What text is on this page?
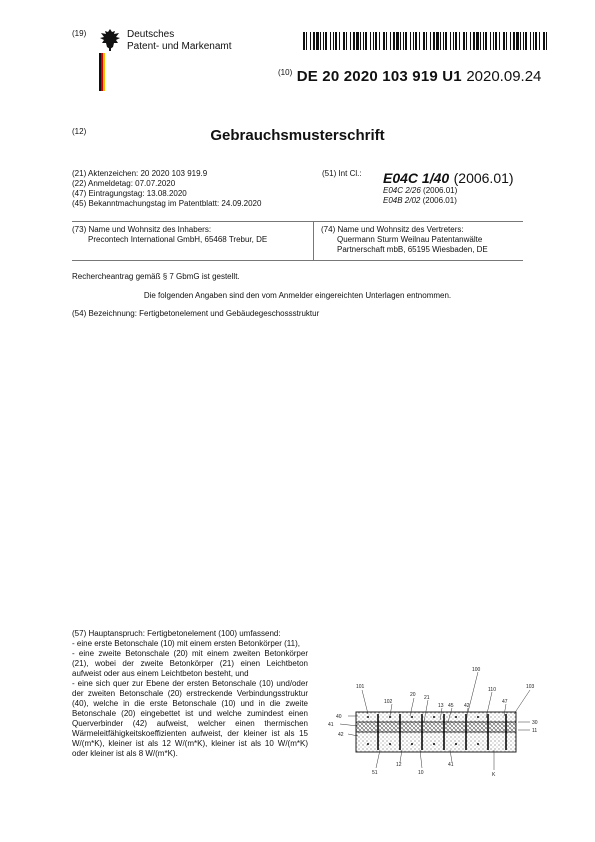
(19)	Deutsches
Patent- und Markenamt
$^{(10)}$ DE 20 2020 103 919 U1 2020.09.24
(12)	Gebrauchsmusterschrift
(21) Aktenzeichen: 20 2020 103 919.9
(22) Anmeldetag: 07.07.2020
(47) Eintragungstag: 13.08.2020
(45) Bekanntmachungstag im Patentblatt: 24.09.2020
(51) Int Cl.: E04C 1/40 (2006.01)
E04C 2/26 (2006.01)
E04B 2/02 (2006.01)
(73) Name und Wohnsitz des Inhabers:
Precontech International GmbH, 65468 Trebur, DE
(74) Name und Wohnsitz des Vertreters:
Quermann Sturm Weilnau Patentanwälte
Partnerschaft mbB, 65195 Wiesbaden, DE
Rechercheantrag gemäß § 7 GbmG ist gestellt.
Die folgenden Angaben sind den vom Anmelder eingereichten Unterlagen entnommen.
(54) Bezeichnung: Fertigbetonelement und Gebäudegeschossstruktur

(57) Hauptanspruch: Fertigbetonelement (100) umfassend:

- eine erste Betonschale (10) mit einem ersten Betonkörper (11),

- eine zweite Betonschale (20) mit einem zweiten Betonkörper (21), wobei der zweite Betonkörper (21) einen Leichtbeton aufweist oder aus einem Leichtbeton besteht, und

- eine sich quer zur Ebene der ersten Betonschale (10) und/oder der zweiten Betonschale (20) erstreckende Verbindungsstruktur (40), welche in die erste Betonschale (10) und in die zweite Betonschale (20) eingebettet ist und welche zumindest einen Querverbinder (42) aufweist, welcher einen thermischen Wärmeleitfähigkeitskoeffizienten aufweist, der kleiner ist als 15 W/(m*K), kleiner ist als 12 W/(m*K), kleiner ist als 10 W/(m*K) oder kleiner ist als 8 W/(m*K).

101
100
102
20 21
13 45 42
110
47
103
40
41
42
30
11
51
12
10
41
K
